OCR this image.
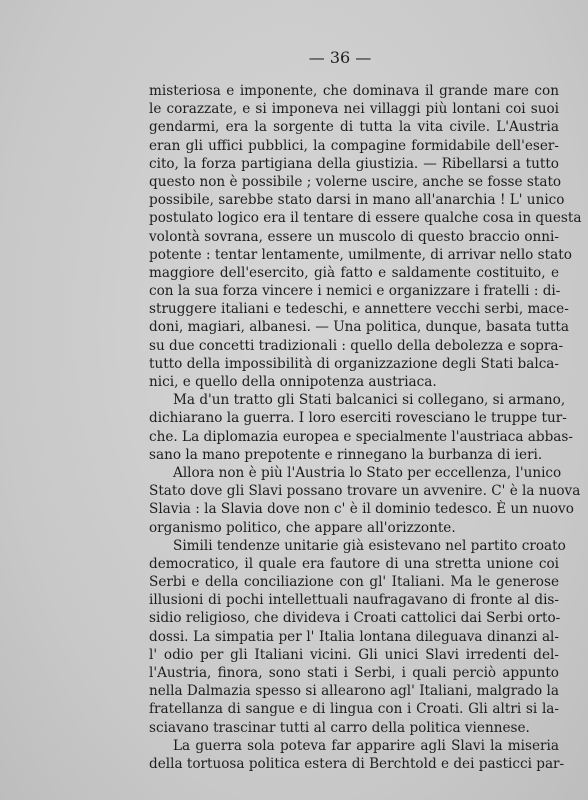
— 36 —
misteriosa e imponente, che dominava il grande mare con
le corazzate, e si imponeva nei villaggi più lontani coi suoi
gendarmi, era la sorgente di tutta la vita civile. L'Austria
eran gli uffici pubblici, la compagine formidabile dell'eser-
cito, la forza partigiana della giustizia. — Ribellarsi a tutto
questo non è possibile ; volerne uscire, anche se fosse stato
possibile, sarebbe stato darsi in mano all'anarchia ! L' unico
postulato logico era il tentare di essere qualche cosa in questa
volontà sovrana, essere un muscolo di questo braccio onni-
potente : tentar lentamente, umilmente, di arrivar nello stato
maggiore dell'esercito, già fatto e saldamente costituito, e
con la sua forza vincere i nemici e organizzare i fratelli : di-
struggere italiani e tedeschi, e annettere vecchi serbi, mace-
doni, magiari, albanesi. — Una politica, dunque, basata tutta
su due concetti tradizionali : quello della debolezza e sopra-
tutto della impossibilità di organizzazione degli Stati balca-
nici, e quello della onnipotenza austriaca.
Ma d'un tratto gli Stati balcanici si collegano, si armano,
dichiarano la guerra. I loro eserciti rovesciano le truppe tur-
che. La diplomazia europea e specialmente l'austriaca abbas-
sano la mano prepotente e rinnegano la burbanza di ieri.
Allora non è più l'Austria lo Stato per eccellenza, l'unico
Stato dove gli Slavi possano trovare un avvenire. C' è la nuova
Slavia : la Slavia dove non c' è il dominio tedesco. È un nuovo
organismo politico, che appare all'orizzonte.
Simili tendenze unitarie già esistevano nel partito croato
democratico, il quale era fautore di una stretta unione coi
Serbi e della conciliazione con gl' Italiani. Ma le generose
illusioni di pochi intellettuali naufragavano di fronte al dis-
sidio religioso, che divideva i Croati cattolici dai Serbi orto-
dossi. La simpatia per l' Italia lontana dileguava dinanzi al-
l' odio per gli Italiani vicini. Gli unici Slavi irredenti del-
l'Austria, finora, sono stati i Serbi, i quali perciò appunto
nella Dalmazia spesso si allearono agl' Italiani, malgrado la
fratellanza di sangue e di lingua con i Croati. Gli altri si la-
sciavano trascinar tutti al carro della politica viennese.
La guerra sola poteva far apparire agli Slavi la miseria
della tortuosa politica estera di Berchtold e dei pasticci par-
